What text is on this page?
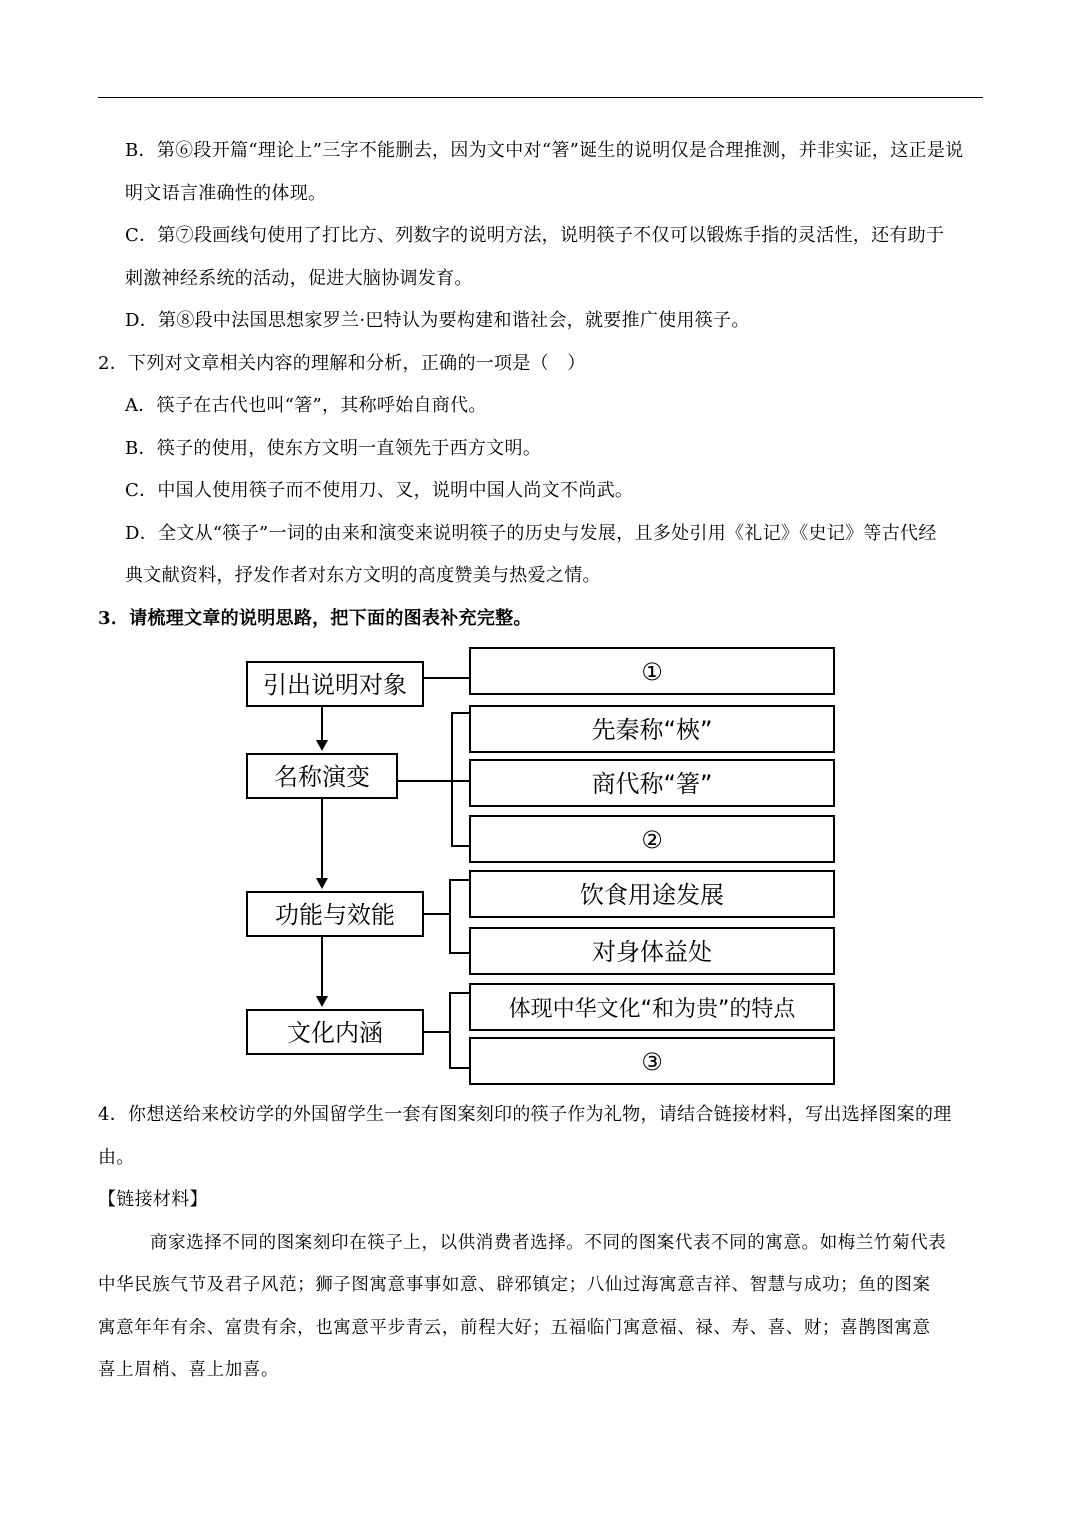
B．第⑥段开篇“理论上”三字不能删去，因为文中对“箸”诞生的说明仅是合理推测，并非实证，这正是说
明文语言准确性的体现。
C．第⑦段画线句使用了打比方、列数字的说明方法，说明筷子不仅可以锻炼手指的灵活性，还有助于
刺激神经系统的活动，促进大脑协调发育。
D．第⑧段中法国思想家罗兰·巴特认为要构建和谐社会，就要推广使用筷子。
2．下列对文章相关内容的理解和分析，正确的一项是（　）
A．筷子在古代也叫“箸”，其称呼始自商代。
B．筷子的使用，使东方文明一直领先于西方文明。
C．中国人使用筷子而不使用刀、叉，说明中国人尚文不尚武。
D．全文从“筷子”一词的由来和演变来说明筷子的历史与发展，且多处引用《礼记》《史记》等古代经
典文献资料，抒发作者对东方文明的高度赞美与热爱之情。
3．请梳理文章的说明思路，把下面的图表补充完整。
引出说明对象
名称演变
功能与效能
文化内涵
①
先秦称“梜”
商代称“箸”
②
饮食用途发展
对身体益处
体现中华文化“和为贵”的特点
③
4．你想送给来校访学的外国留学生一套有图案刻印的筷子作为礼物，请结合链接材料，写出选择图案的理
由。
【链接材料】
商家选择不同的图案刻印在筷子上，以供消费者选择。不同的图案代表不同的寓意。如梅兰竹菊代表
中华民族气节及君子风范；狮子图寓意事事如意、辟邪镇定；八仙过海寓意吉祥、智慧与成功；鱼的图案
寓意年年有余、富贵有余，也寓意平步青云，前程大好；五福临门寓意福、禄、寿、喜、财；喜鹊图寓意
喜上眉梢、喜上加喜。
